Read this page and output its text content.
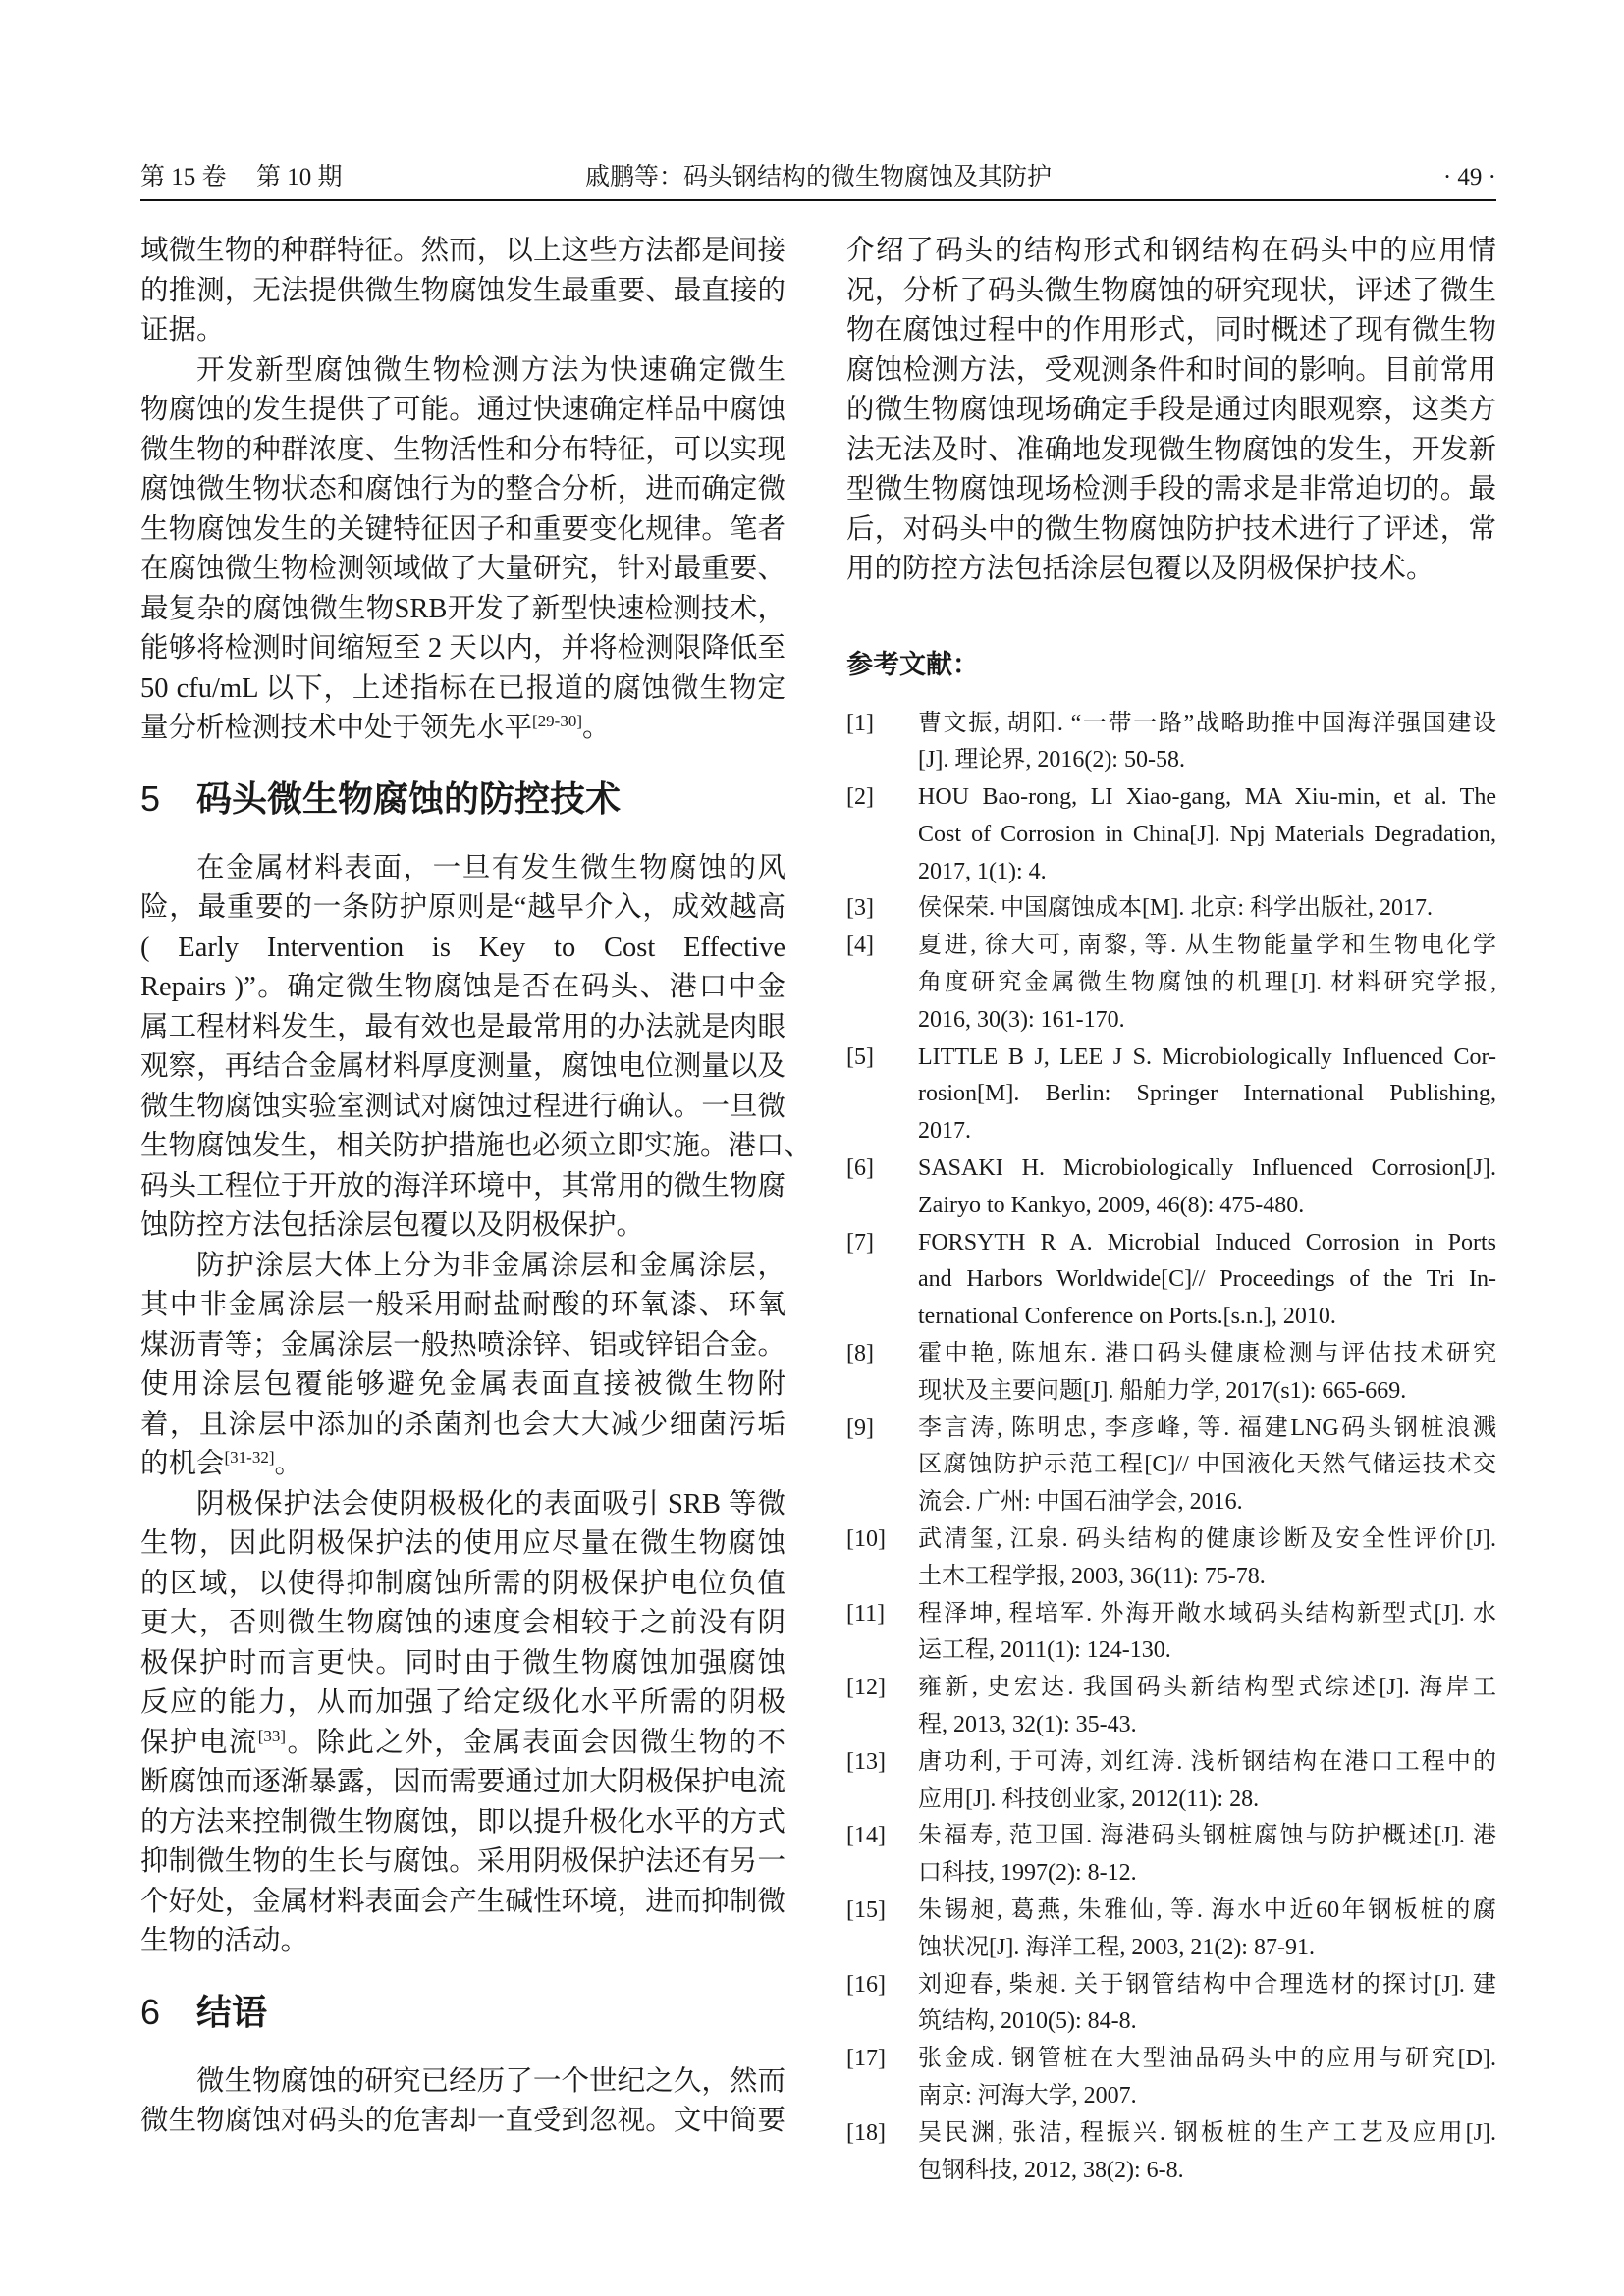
戚鹏等：码头钢结构的微生物腐蚀及其防护
第 15 卷 第 10 期	· 49 ·
域微生物的种群特征。然而，以上这些方法都是间接
的推测，无法提供微生物腐蚀发生最重要、最直接的
证据。
开发新型腐蚀微生物检测方法为快速确定微生
物腐蚀的发生提供了可能。通过快速确定样品中腐蚀
微生物的种群浓度、生物活性和分布特征，可以实现
腐蚀微生物状态和腐蚀行为的整合分析，进而确定微
生物腐蚀发生的关键特征因子和重要变化规律。笔者
在腐蚀微生物检测领域做了大量研究，针对最重要、
最复杂的腐蚀微生物SRB开发了新型快速检测技术，
能够将检测时间缩短至 2 天以内，并将检测限降低至
50 cfu/mL 以下，上述指标在已报道的腐蚀微生物定
量分析检测技术中处于领先水平[29-30]。
5 码头微生物腐蚀的防控技术
在金属材料表面，一旦有发生微生物腐蚀的风
险，最重要的一条防护原则是“越早介入，成效越高
( Early Intervention is Key to Cost Effective
Repairs )”。确定微生物腐蚀是否在码头、港口中金
属工程材料发生，最有效也是最常用的办法就是肉眼
观察，再结合金属材料厚度测量，腐蚀电位测量以及
微生物腐蚀实验室测试对腐蚀过程进行确认。一旦微
生物腐蚀发生，相关防护措施也必须立即实施。港口、
码头工程位于开放的海洋环境中，其常用的微生物腐
蚀防控方法包括涂层包覆以及阴极保护。
防护涂层大体上分为非金属涂层和金属涂层，
其中非金属涂层一般采用耐盐耐酸的环氧漆、环氧
煤沥青等；金属涂层一般热喷涂锌、铝或锌铝合金。
使用涂层包覆能够避免金属表面直接被微生物附
着，且涂层中添加的杀菌剂也会大大减少细菌污垢
的机会[31-32]。
阴极保护法会使阴极极化的表面吸引 SRB 等微
生物，因此阴极保护法的使用应尽量在微生物腐蚀
的区域，以使得抑制腐蚀所需的阴极保护电位负值
更大，否则微生物腐蚀的速度会相较于之前没有阴
极保护时而言更快。同时由于微生物腐蚀加强腐蚀
反应的能力，从而加强了给定级化水平所需的阴极
保护电流[33]。除此之外，金属表面会因微生物的不
断腐蚀而逐渐暴露，因而需要通过加大阴极保护电流
的方法来控制微生物腐蚀，即以提升极化水平的方式
抑制微生物的生长与腐蚀。采用阴极保护法还有另一
个好处，金属材料表面会产生碱性环境，进而抑制微
生物的活动。
6 结语
微生物腐蚀的研究已经历了一个世纪之久，然而
微生物腐蚀对码头的危害却一直受到忽视。文中简要
介绍了码头的结构形式和钢结构在码头中的应用情
况，分析了码头微生物腐蚀的研究现状，评述了微生
物在腐蚀过程中的作用形式，同时概述了现有微生物
腐蚀检测方法，受观测条件和时间的影响。目前常用
的微生物腐蚀现场确定手段是通过肉眼观察，这类方
法无法及时、准确地发现微生物腐蚀的发生，开发新
型微生物腐蚀现场检测手段的需求是非常迫切的。最
后，对码头中的微生物腐蚀防护技术进行了评述，常
用的防控方法包括涂层包覆以及阴极保护技术。
参考文献：
[1] 曹文振, 胡阳. “一带一路”战略助推中国海洋强国建设
[J]. 理论界, 2016(2): 50-58.
[2] HOU Bao-rong, LI Xiao-gang, MA Xiu-min, et al. The
Cost of Corrosion in China[J]. Npj Materials Degradation,
2017, 1(1): 4.
[3] 侯保荣. 中国腐蚀成本[M]. 北京: 科学出版社, 2017.
[4] 夏进, 徐大可, 南黎, 等. 从生物能量学和生物电化学
角度研究金属微生物腐蚀的机理[J]. 材料研究学报,
2016, 30(3): 161-170.
[5] LITTLE B J, LEE J S. Microbiologically Influenced Cor-
rosion[M]. Berlin: Springer International Publishing,
2017.
[6] SASAKI H. Microbiologically Influenced Corrosion[J].
Zairyo to Kankyo, 2009, 46(8): 475-480.
[7] FORSYTH R A. Microbial Induced Corrosion in Ports
and Harbors Worldwide[C]// Proceedings of the Tri In-
ternational Conference on Ports.[s.n.], 2010.
[8] 霍中艳, 陈旭东. 港口码头健康检测与评估技术研究
现状及主要问题[J]. 船舶力学, 2017(s1): 665-669.
[9] 李言涛, 陈明忠, 李彦峰, 等. 福建LNG码头钢桩浪溅
区腐蚀防护示范工程[C]// 中国液化天然气储运技术交
流会. 广州: 中国石油学会, 2016.
[10] 武清玺, 江泉. 码头结构的健康诊断及安全性评价[J].
土木工程学报, 2003, 36(11): 75-78.
[11] 程泽坤, 程培军. 外海开敞水域码头结构新型式[J]. 水
运工程, 2011(1): 124-130.
[12] 雍新, 史宏达. 我国码头新结构型式综述[J]. 海岸工
程, 2013, 32(1): 35-43.
[13] 唐功利, 于可涛, 刘红涛. 浅析钢结构在港口工程中的
应用[J]. 科技创业家, 2012(11): 28.
[14] 朱福寿, 范卫国. 海港码头钢桩腐蚀与防护概述[J]. 港
口科技, 1997(2): 8-12.
[15] 朱锡昶, 葛燕, 朱雅仙, 等. 海水中近60年钢板桩的腐
蚀状况[J]. 海洋工程, 2003, 21(2): 87-91.
[16] 刘迎春, 柴昶. 关于钢管结构中合理选材的探讨[J]. 建
筑结构, 2010(5): 84-8.
[17] 张金成. 钢管桩在大型油品码头中的应用与研究[D].
南京: 河海大学, 2007.
[18] 吴民渊, 张洁, 程振兴. 钢板桩的生产工艺及应用[J].
包钢科技, 2012, 38(2): 6-8.
